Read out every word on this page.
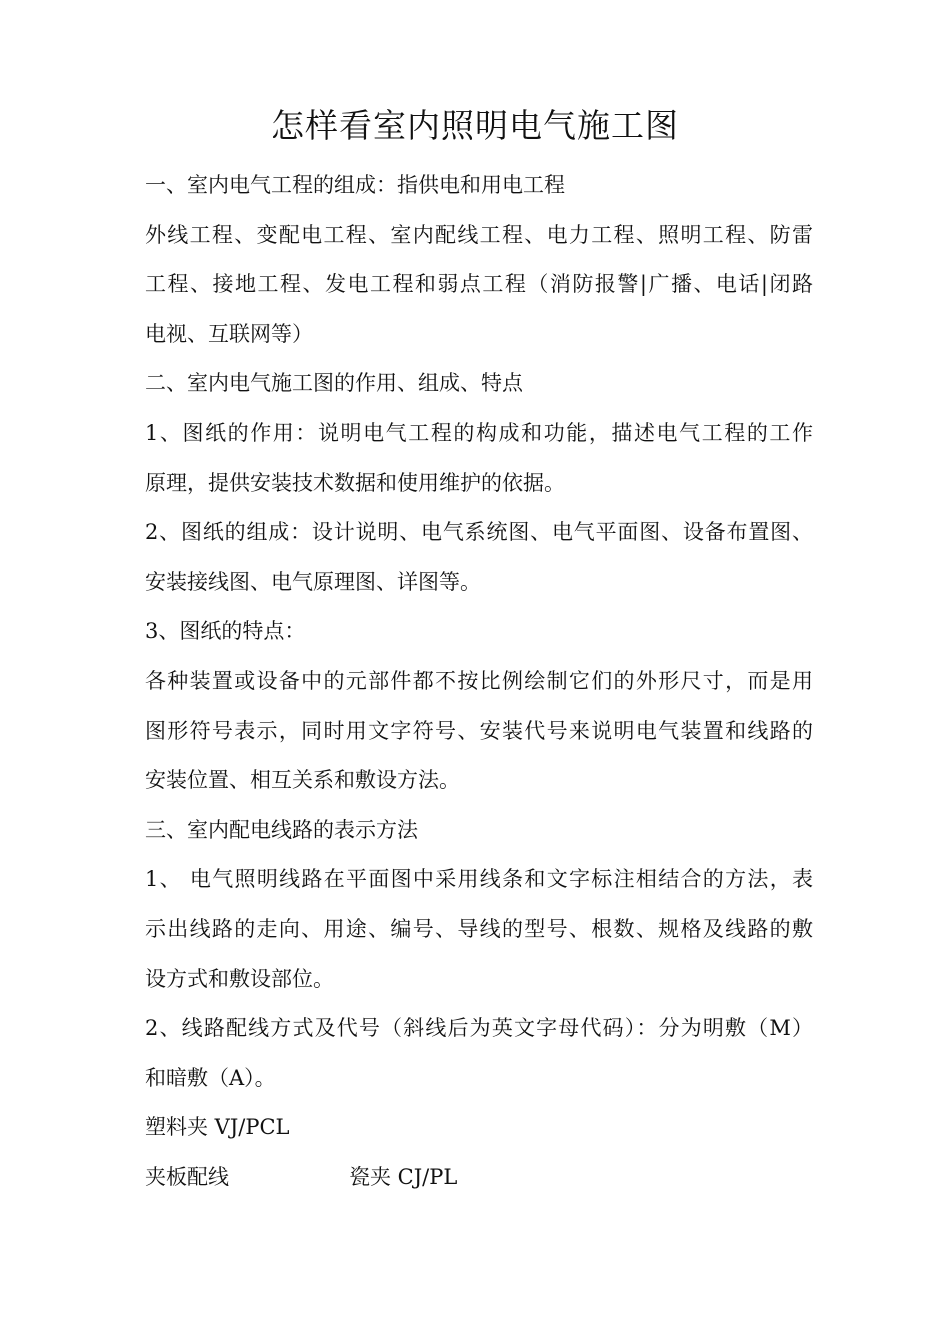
怎样看室内照明电气施工图
一、室内电气工程的组成：指供电和用电工程
外线工程、变配电工程、室内配线工程、电力工程、照明工程、防雷
工程、接地工程、发电工程和弱点工程（消防报警|广播、电话|闭路
电视、互联网等）
二、室内电气施工图的作用、组成、特点
1、图纸的作用：说明电气工程的构成和功能，描述电气工程的工作
原理，提供安装技术数据和使用维护的依据。
2、图纸的组成：设计说明、电气系统图、电气平面图、设备布置图、
安装接线图、电气原理图、详图等。
3、图纸的特点：
各种装置或设备中的元部件都不按比例绘制它们的外形尺寸，而是用
图形符号表示，同时用文字符号、安装代号来说明电气装置和线路的
安装位置、相互关系和敷设方法。
三、室内配电线路的表示方法
1、 电气照明线路在平面图中采用线条和文字标注相结合的方法，表
示出线路的走向、用途、编号、导线的型号、根数、规格及线路的敷
设方式和敷设部位。
2、线路配线方式及代号（斜线后为英文字母代码）：分为明敷（M）
和暗敷（A）。
塑料夹 VJ/PCL
夹板配线	瓷夹 CJ/PL
